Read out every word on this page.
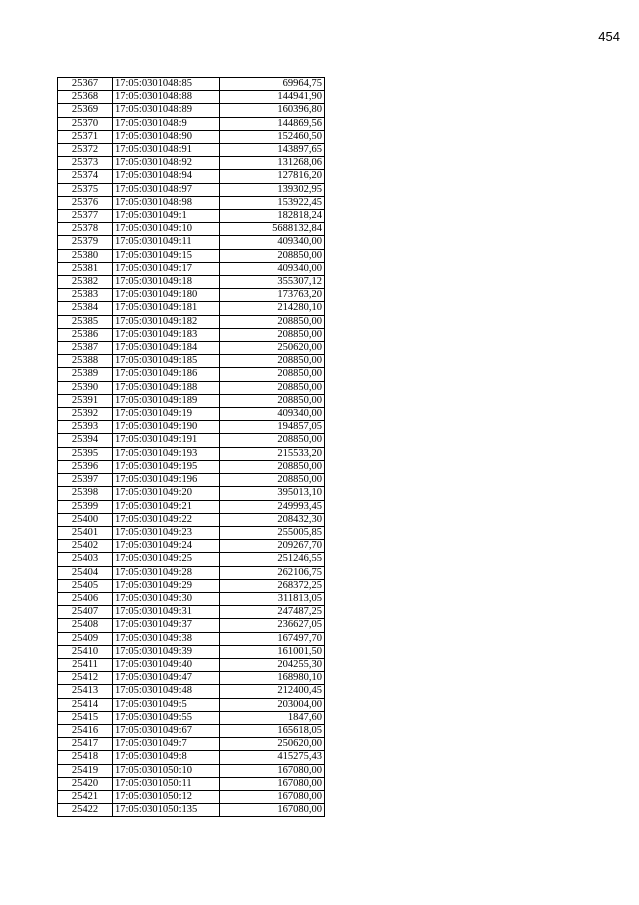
454
25367	17:05:0301048:85	69964,75
25368	17:05:0301048:88	144941,90
25369	17:05:0301048:89	160396,80
25370	17:05:0301048:9	144869,56
25371	17:05:0301048:90	152460,50
25372	17:05:0301048:91	143897,65
25373	17:05:0301048:92	131268,06
25374	17:05:0301048:94	127816,20
25375	17:05:0301048:97	139302,95
25376	17:05:0301048:98	153922,45
25377	17:05:0301049:1	182818,24
25378	17:05:0301049:10	5688132,84
25379	17:05:0301049:11	409340,00
25380	17:05:0301049:15	208850,00
25381	17:05:0301049:17	409340,00
25382	17:05:0301049:18	355307,12
25383	17:05:0301049:180	173763,20
25384	17:05:0301049:181	214280,10
25385	17:05:0301049:182	208850,00
25386	17:05:0301049:183	208850,00
25387	17:05:0301049:184	250620,00
25388	17:05:0301049:185	208850,00
25389	17:05:0301049:186	208850,00
25390	17:05:0301049:188	208850,00
25391	17:05:0301049:189	208850,00
25392	17:05:0301049:19	409340,00
25393	17:05:0301049:190	194857,05
25394	17:05:0301049:191	208850,00
25395	17:05:0301049:193	215533,20
25396	17:05:0301049:195	208850,00
25397	17:05:0301049:196	208850,00
25398	17:05:0301049:20	395013,10
25399	17:05:0301049:21	249993,45
25400	17:05:0301049:22	208432,30
25401	17:05:0301049:23	255005,85
25402	17:05:0301049:24	209267,70
25403	17:05:0301049:25	251246,55
25404	17:05:0301049:28	262106,75
25405	17:05:0301049:29	268372,25
25406	17:05:0301049:30	311813,05
25407	17:05:0301049:31	247487,25
25408	17:05:0301049:37	236627,05
25409	17:05:0301049:38	167497,70
25410	17:05:0301049:39	161001,50
25411	17:05:0301049:40	204255,30
25412	17:05:0301049:47	168980,10
25413	17:05:0301049:48	212400,45
25414	17:05:0301049:5	203004,00
25415	17:05:0301049:55	1847,60
25416	17:05:0301049:67	165618,05
25417	17:05:0301049:7	250620,00
25418	17:05:0301049:8	415275,43
25419	17:05:0301050:10	167080,00
25420	17:05:0301050:11	167080,00
25421	17:05:0301050:12	167080,00
25422	17:05:0301050:135	167080,00
